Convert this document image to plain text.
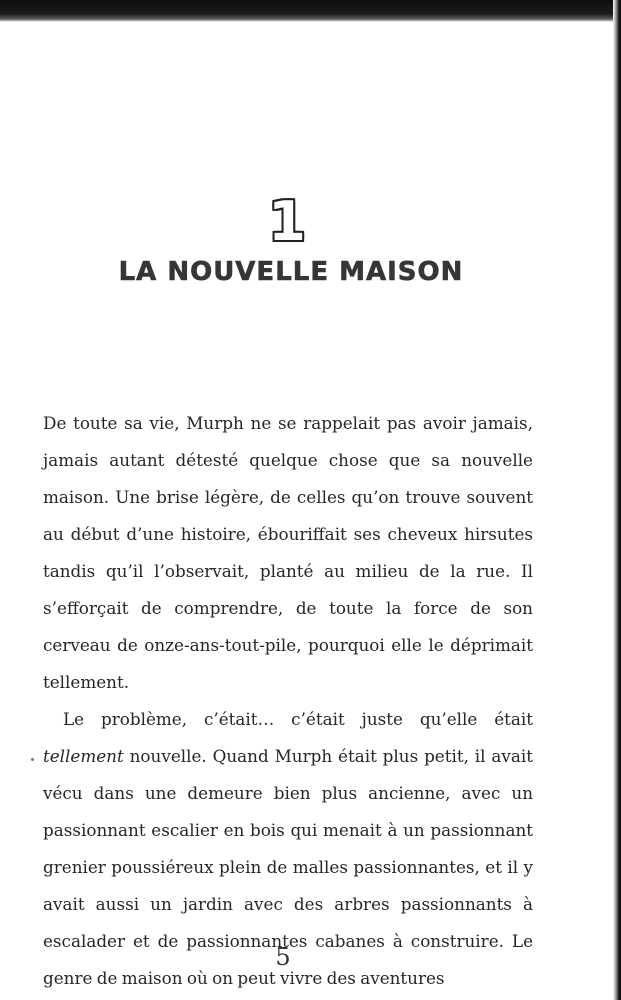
1
LA NOUVELLE MAISON

De toute sa vie, Murph ne se rappelait pas avoir jamais, jamais autant détesté quelque chose que sa nouvelle maison. Une brise légère, de celles qu’on trouve souvent au début d’une histoire, ébouriffait ses cheveux hirsutes tandis qu’il l’observait, planté au milieu de la rue. Il s’efforçait de comprendre, de toute la force de son cerveau de onze-ans-tout-pile, pourquoi elle le déprimait tellement.

Le problème, c’était… c’était juste qu’elle était tellement nouvelle. Quand Murph était plus petit, il avait vécu dans une demeure bien plus ancienne, avec un passionnant escalier en bois qui menait à un passionnant grenier poussiéreux plein de malles passionnantes, et il y avait aussi un jardin avec des arbres passionnants à escalader et de passionnantes cabanes à construire. Le genre de maison où on peut vivre des aventures

5
